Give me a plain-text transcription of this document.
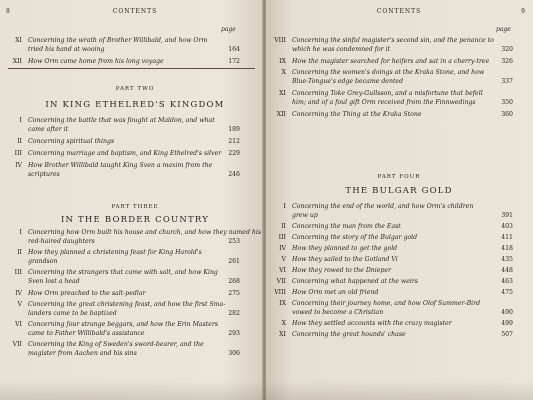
8	CONTENTS
page
XI Concerning the wrath of Brother Willibald, and how Orm
tried his hand at wooing	164
XII How Orm came home from his long voyage	172
PART TWO
IN KING ETHELRED'S KINGDOM
I Concerning the battle that was fought at Maldon, and what
came after it	189
II Concerning spiritual things	212
III Concerning marriage and baptism, and King Ethelred's silver	229
IV How Brother Willibald taught King Sven a maxim from the
scriptures	246
PART THREE
IN THE BORDER COUNTRY
I Concerning how Orm built his house and church, and how they named his
red-haired daughters	253
II How they planned a christening feast for King Harold's
grandson	261
III Concerning the strangers that came with salt, and how King
Sven lost a head	268
IV How Orm preached to the salt-pedlar	275
V Concerning the great christening feast, and how the first Sma-
landers came to be baptized	282
VI Concerning four strange beggars, and how the Erin Masters
came to Father Willibald's assistance	293
VII Concerning the King of Sweden's sword-bearer, and the
magister from Aachen and his sins	306
9
CONTENTS
page
VIII Concerning the sinful magister's second sin, and the penance to
which he was condemned for it	320
IX How the magister searched for heifers and sat in a cherry-tree	326
X Concerning the women's doings at the Kraka Stone, and how
Blue-Tongue's edge became dented	337
XI Concerning Toke Grey-Gullsson, and a misfortune that befell
him; and of a foul gift Orm received from the Finnwedings	350
XII Concerning the Thing at the Kraka Stone	360
PART FOUR
THE BULGAR GOLD
I Concerning the end of the world, and how Orm's children
grew up	391
II Concerning the man from the East	403
III Concerning the story of the Bulgar gold	411
IV How they planned to get the gold	418
V How they sailed to the Gotland Vi	435
VI How they rowed to the Dnieper	448
VII Concerning what happened at the weirs	463
VIII How Orm met an old friend	475
IX Concerning their journey home, and how Olof Summer-Bird
vowed to become a Christian	490
X How they settled accounts with the crazy magister	499
XI Concerning the great hounds' chase	507
